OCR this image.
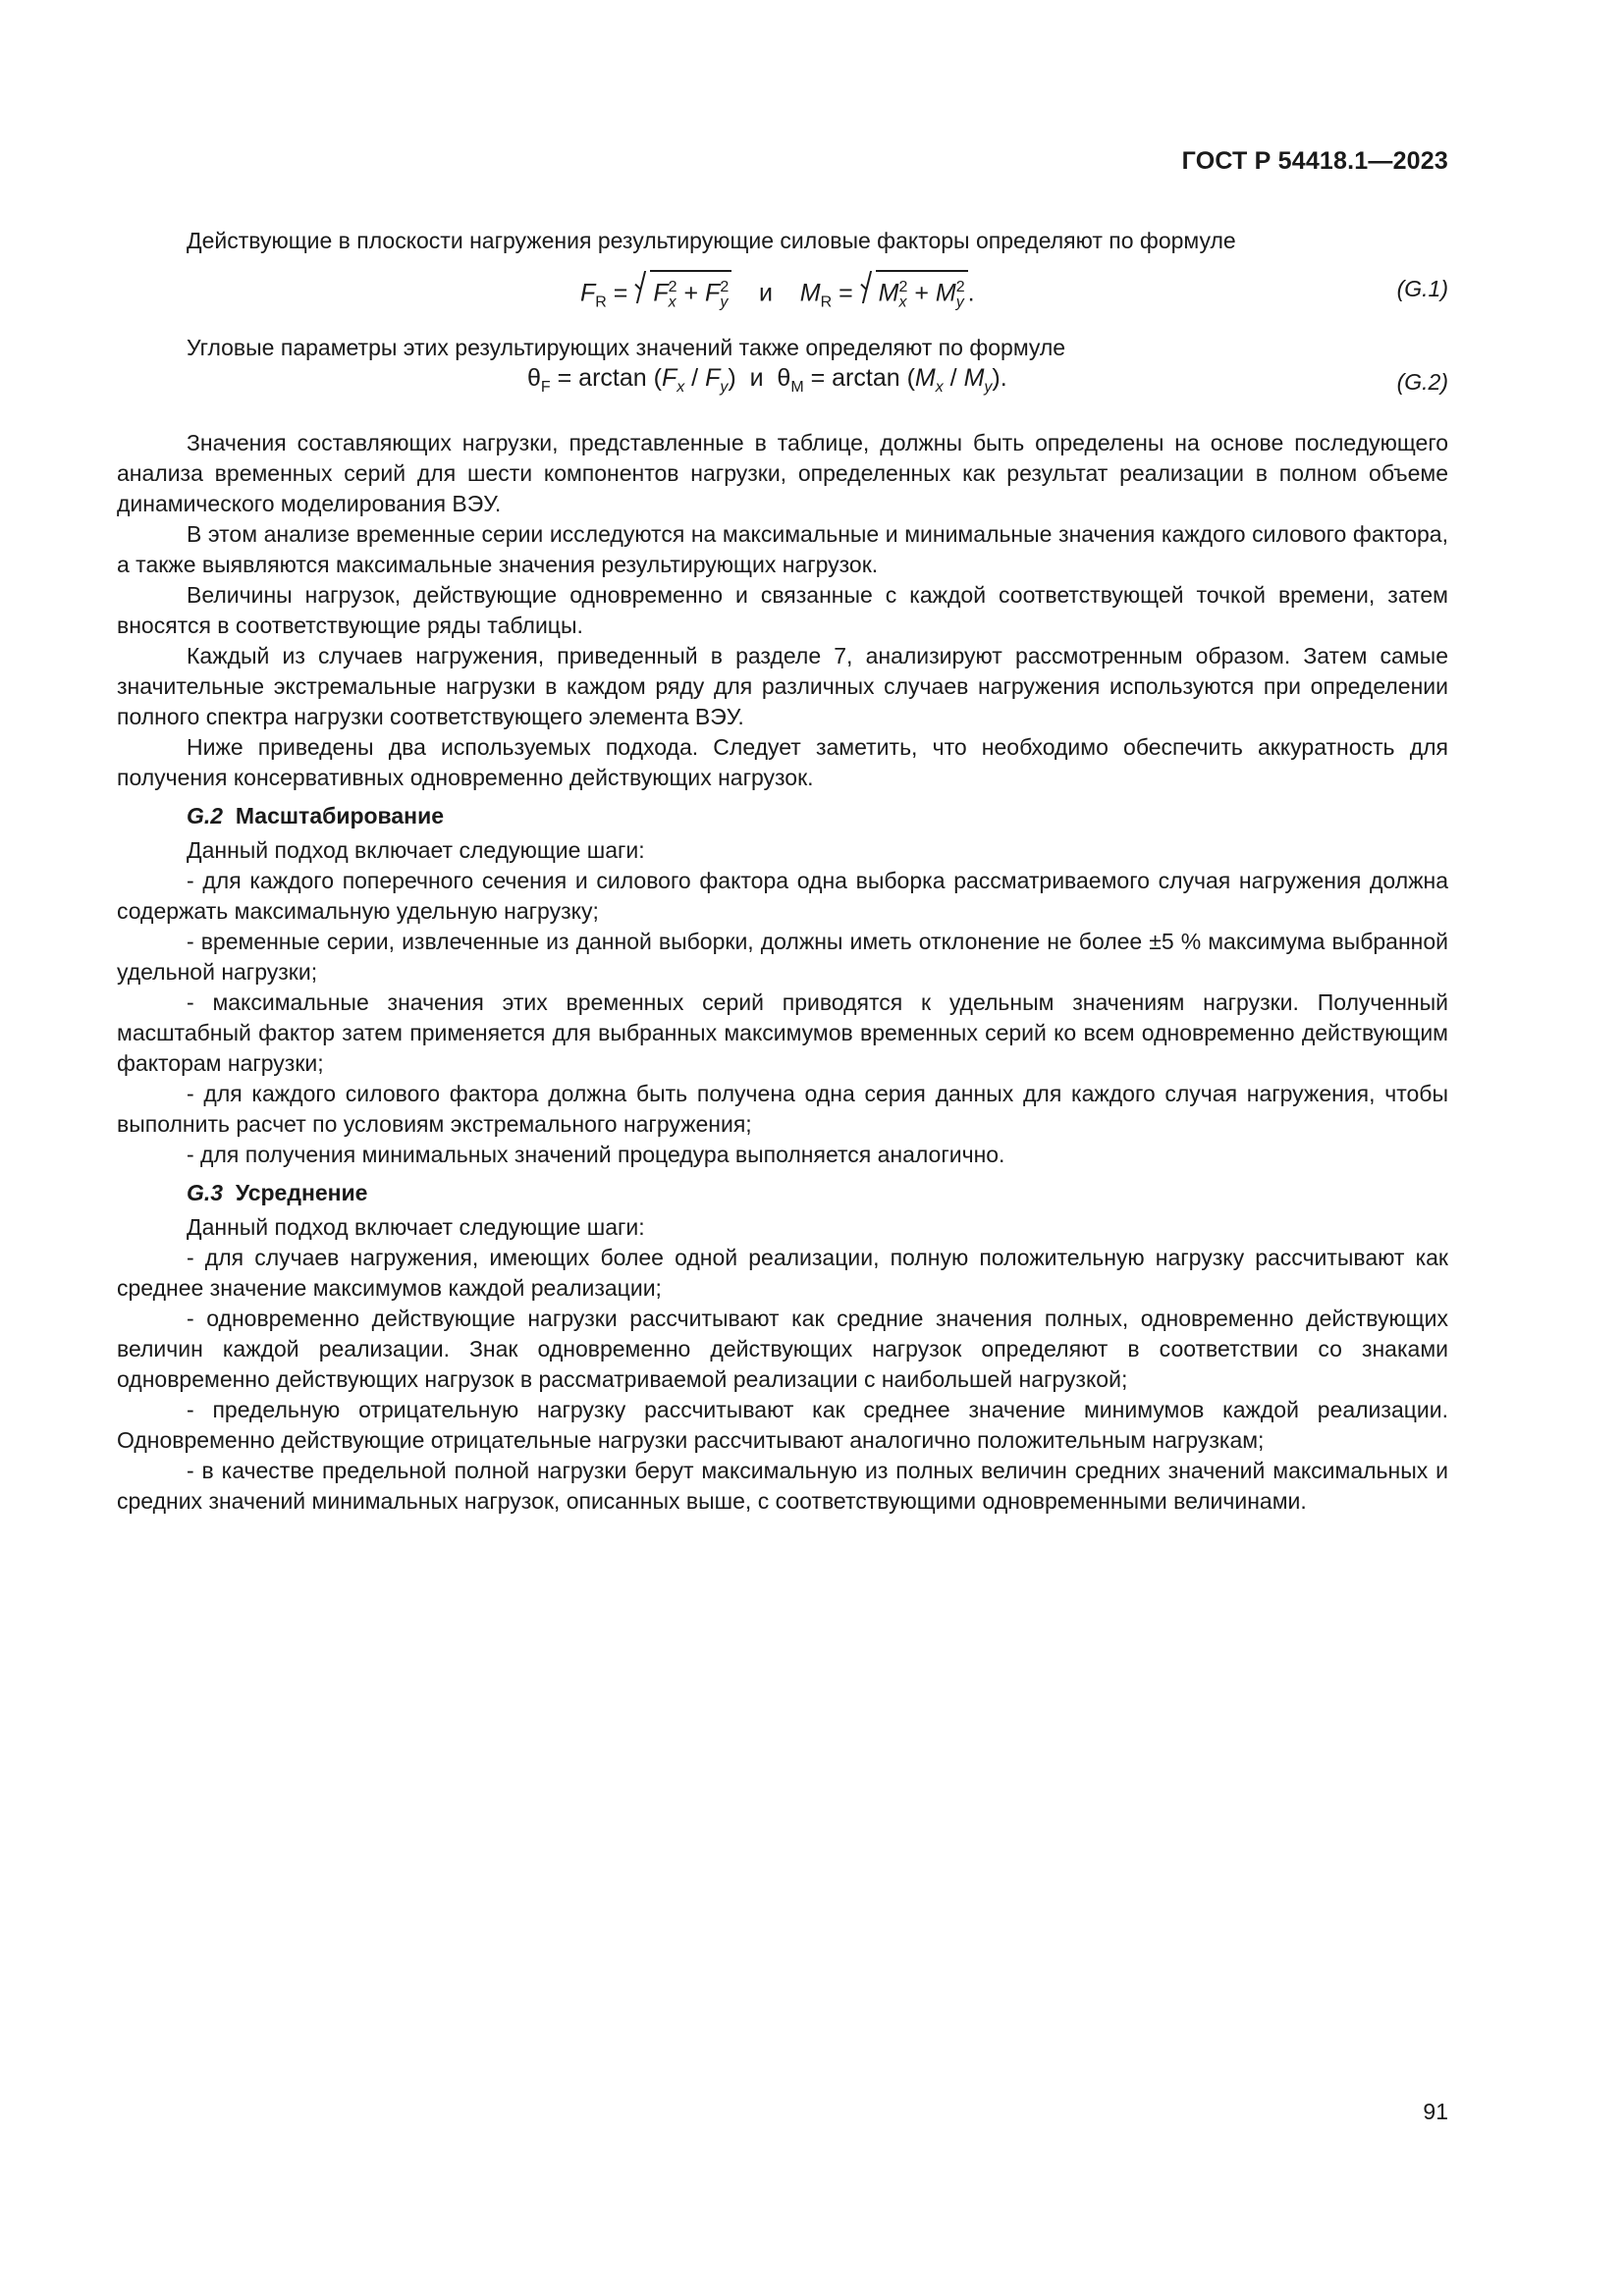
ГОСТ Р 54418.1—2023

Действующие в плоскости нагружения результирующие силовые факторы определяют по формуле

$F_R$ =
$F_x^2 + F_y^2$ и $M_R$ =
$M_x^2 + M_y^2$ .	(G.1)

Угловые параметры этих результирующих значений также определяют по формуле

$\theta_F = \arctan (F_x / F_y)$  и  $\theta_M = \arctan (M_x / M_y)$.	(G.2)

Значения составляющих нагрузки, представленные в таблице, должны быть определены на основе последующего анализа временных серий для шести компонентов нагрузки, определенных как результат реализации в полном объеме динамического моделирования ВЭУ.

В этом анализе временные серии исследуются на максимальные и минимальные значения каждого силового фактора, а также выявляются максимальные значения результирующих нагрузок.

Величины нагрузок, действующие одновременно и связанные с каждой соответствующей точкой времени, затем вносятся в соответствующие ряды таблицы.

Каждый из случаев нагружения, приведенный в разделе 7, анализируют рассмотренным образом. Затем самые значительные экстремальные нагрузки в каждом ряду для различных случаев нагружения используются при определении полного спектра нагрузки соответствующего элемента ВЭУ.

Ниже приведены два используемых подхода. Следует заметить, что необходимо обеспечить аккуратность для получения консервативных одновременно действующих нагрузок.

G.2 Масштабирование

Данный подход включает следующие шаги:

- для каждого поперечного сечения и силового фактора одна выборка рассматриваемого случая нагружения должна содержать максимальную удельную нагрузку;

- временные серии, извлеченные из данной выборки, должны иметь отклонение не более ±5 % максимума выбранной удельной нагрузки;

- максимальные значения этих временных серий приводятся к удельным значениям нагрузки. Полученный масштабный фактор затем применяется для выбранных максимумов временных серий ко всем одновременно действующим факторам нагрузки;

- для каждого силового фактора должна быть получена одна серия данных для каждого случая нагружения, чтобы выполнить расчет по условиям экстремального нагружения;

- для получения минимальных значений процедура выполняется аналогично.

G.3 Усреднение

Данный подход включает следующие шаги:

- для случаев нагружения, имеющих более одной реализации, полную положительную нагрузку рассчитывают как среднее значение максимумов каждой реализации;

- одновременно действующие нагрузки рассчитывают как средние значения полных, одновременно действующих величин каждой реализации. Знак одновременно действующих нагрузок определяют в соответствии со знаками одновременно действующих нагрузок в рассматриваемой реализации с наибольшей нагрузкой;

- предельную отрицательную нагрузку рассчитывают как среднее значение минимумов каждой реализации. Одновременно действующие отрицательные нагрузки рассчитывают аналогично положительным нагрузкам;

- в качестве предельной полной нагрузки берут максимальную из полных величин средних значений максимальных и средних значений минимальных нагрузок, описанных выше, с соответствующими одновременными величинами.

91
